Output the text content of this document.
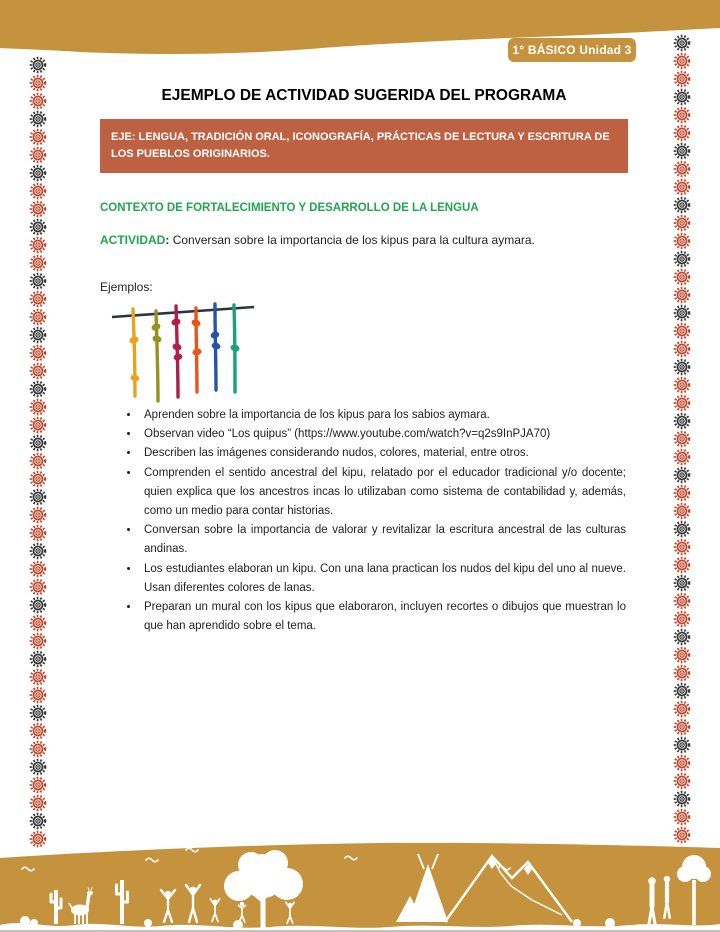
1° BÁSICO Unidad 3
EJEMPLO DE ACTIVIDAD SUGERIDA DEL PROGRAMA
EJE: LENGUA, TRADICIÓN ORAL, ICONOGRAFÍA, PRÁCTICAS DE LECTURA Y ESCRITURA DE LOS PUEBLOS ORIGINARIOS.
CONTEXTO DE FORTALECIMIENTO Y DESARROLLO DE LA LENGUA
ACTIVIDAD: Conversan sobre la importancia de los kipus para la cultura aymara.
Ejemplos:
• Aprenden sobre la importancia de los kipus para los sabios aymara.
• Observan video “Los quipus” (https://www.youtube.com/watch?v=q2s9InPJA70)
• Describen las imágenes considerando nudos, colores, material, entre otros.
• Comprenden el sentido ancestral del kipu, relatado por el educador tradicional y/o docente; quien explica que los ancestros incas lo utilizaban como sistema de contabilidad y, además, como un medio para contar historias.
• Conversan sobre la importancia de valorar y revitalizar la escritura ancestral de las culturas andinas.
• Los estudiantes elaboran un kipu. Con una lana practican los nudos del kipu del uno al nueve. Usan diferentes colores de lanas.
• Preparan un mural con los kipus que elaboraron, incluyen recortes o dibujos que muestran lo que han aprendido sobre el tema.
